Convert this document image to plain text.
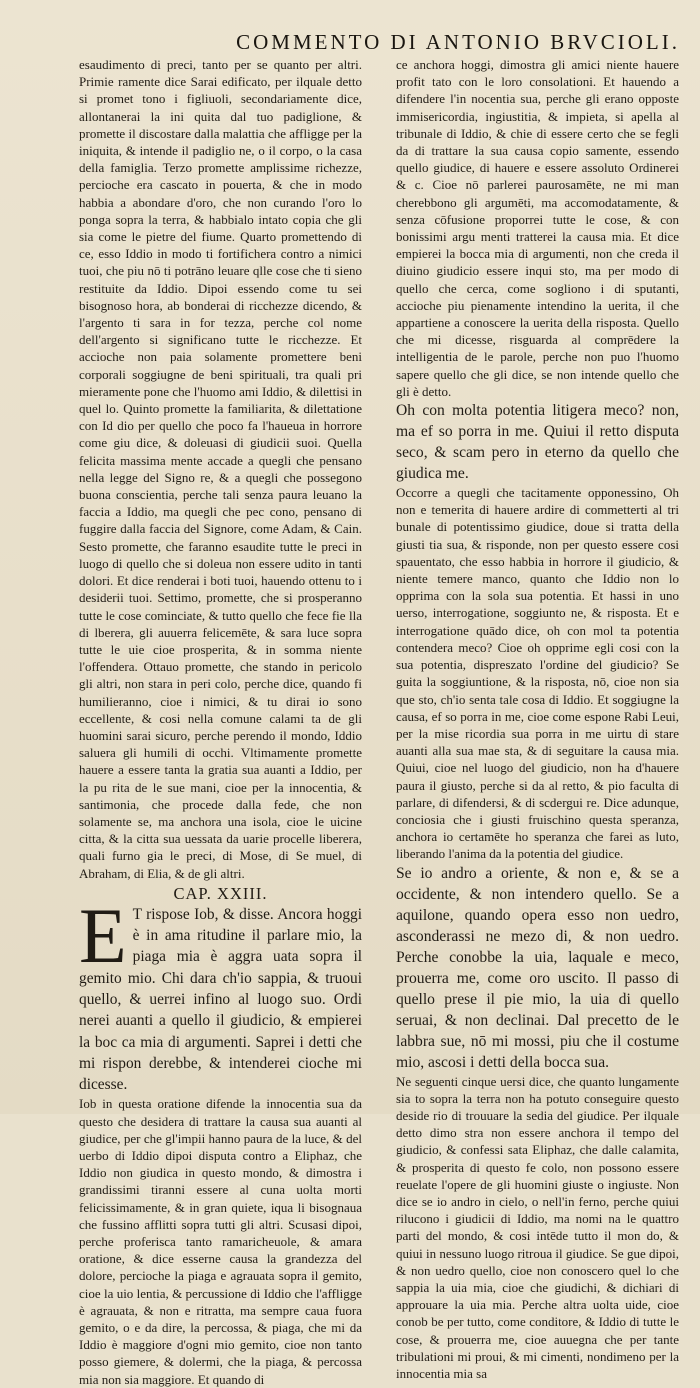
COMMENTO DI ANTONIO BRVCIOLI.

esaudimento di preci, tanto per se quanto per altri. Primie ramente dice Sarai edificato, per ilquale detto si promet tono i figliuoli, secondariamente dice, allontanerai la ini quita dal tuo padiglione, & promette il discostare dalla malattia che affligge per la iniquita, & intende il padiglio ne, o il corpo, o la casa della famiglia. Terzo promette amplissime richezze, percioche era cascato in pouerta, & che in modo habbia a abondare d'oro, che non curando l'oro lo ponga sopra la terra, & habbialo intato copia che gli sia come le pietre del fiume. Quarto promettendo di ce, esso Iddio in modo ti fortifichera contro a nimici tuoi, che piu nō ti potrāno leuare qlle cose che ti sieno restituite da Iddio. Dipoi essendo come tu sei bisognoso hora, ab bonderai di ricchezze dicendo, & l'argento ti sara in for tezza, perche col nome dell'argento si significano tutte le ricchezze. Et accioche non paia solamente promettere beni corporali soggiugne de beni spirituali, tra quali pri mieramente pone che l'huomo ami Iddio, & dilettisi in quel lo. Quinto promette la familiarita, & dilettatione con Id dio per quello che poco fa l'haueua in horrore come giu dice, & doleuasi di giudicii suoi. Quella felicita massima mente accade a quegli che pensano nella legge del Signo re, & a quegli che possegono buona conscientia, perche tali senza paura leuano la faccia a Iddio, ma quegli che pec cono, pensano di fuggire dalla faccia del Signore, come Adam, & Cain. Sesto promette, che faranno esaudite tutte le preci in luogo di quello che si doleua non essere udito in tanti dolori. Et dice renderai i boti tuoi, hauendo ottenu to i desiderii tuoi. Settimo, promette, che si prosperanno tutte le cose cominciate, & tutto quello che fece fie lla di lberera, gli auuerra felicemēte, & sara luce sopra tutte le uie cioe prosperita, & in somma niente l'offendera. Ottauo promette, che stando in pericolo gli altri, non stara in peri colo, perche dice, quando fi humilieranno, cioe i nimici, & tu dirai io sono eccellente, & cosi nella comune calami ta de gli huomini sarai sicuro, perche perendo il mondo, Iddio saluera gli humili di occhi. Vltimamente promette hauere a essere tanta la gratia sua auanti a Iddio, per la pu rita de le sue mani, cioe per la innocentia, & santimonia, che procede dalla fede, che non solamente se, ma anchora una isola, cioe le uicine citta, & la citta sua uessata da uarie procelle liberera, quali furno gia le preci, di Mose, di Se muel, di Abraham, di Elia, & de gli altri.

CAP. XXIII.

E T rispose Iob, & disse. Ancora hoggi è in ama ritudine il parlare mio, la piaga mia è aggra uata sopra il gemito mio. Chi dara ch'io sappia, & truoui quello, & uerrei infino al luogo suo. Ordi nerei auanti a quello il giudicio, & empierei la boc ca mia di argumenti. Saprei i detti che mi rispon derebbe, & intenderei cioche mi dicesse.

Iob in questa oratione difende la innocentia sua da questo che desidera di trattare la causa sua auanti al giudice, per che gl'impii hanno paura de la luce, & del uerbo di Iddio dipoi disputa contro a Eliphaz, che Iddio non giudica in questo mondo, & dimostra i grandissimi tiranni essere al cuna uolta morti felicissimamente, & in gran quiete, iqua li bisognaua che fussino afflitti sopra tutti gli altri. Scusasi dipoi, perche proferisca tanto ramaricheuole, & amara oratione, & dice esserne causa la grandezza del dolore, percioche la piaga e agrauata sopra il gemito, cioe la uio lentia, & percussione di Iddio che l'affligge è agrauata, & non e ritratta, ma sempre caua fuora gemito, o e da dire, la percossa, & piaga, che mi da Iddio è maggiore d'ogni mio gemito, cioe non tanto posso giemere, & dolermi, che la piaga, & percossa mia non sia maggiore. Et quando di

ce anchora hoggi, dimostra gli amici niente hauere profit tato con le loro consolationi. Et hauendo a difendere l'in nocentia sua, perche gli erano opposte immisericordia, ingiustitia, & impieta, si apella al tribunale di Iddio, & chie di essere certo che se fegli da di trattare la sua causa copio samente, essendo quello giudice, di hauere e essere assoluto Ordinerei & c. Cioe nō parlerei paurosamēte, ne mi man cherebbono gli argumēti, ma accomodatamente, & senza cōfusione proporrei tutte le cose, & con bonissimi argu menti tratterei la causa mia. Et dice empierei la bocca mia di argumenti, non che creda il diuino giudicio essere inqui sto, ma per modo di quello che cerca, come sogliono i di sputanti, accioche piu pienamente intendino la uerita, il che appartiene a conoscere la uerita della risposta. Quello che mi dicesse, risguarda al comprēdere la intelligentia de le parole, perche non puo l'huomo sapere quello che gli dice, se non intende quello che gli è detto.

Oh con molta potentia litigera meco? non, ma ef so porra in me. Quiui il retto disputa seco, & scam pero in eterno da quello che giudica me.

Occorre a quegli che tacitamente opponessino, Oh non e temerita di hauere ardire di commetterti al tri bunale di potentissimo giudice, doue si tratta della giusti tia sua, & risponde, non per questo essere cosi spauentato, che esso habbia in horrore il giudicio, & niente temere manco, quanto che Iddio non lo opprima con la sola sua potentia. Et hassi in uno uerso, interrogatione, soggiunto ne, & risposta. Et e interrogatione quādo dice, oh con mol ta potentia contendera meco? Cioe oh opprime egli cosi con la sua potentia, dispreszato l'ordine del giudicio? Se guita la soggiuntione, & la risposta, nō, cioe non sia que sto, ch'io senta tale cosa di Iddio. Et soggiugne la causa, ef so porra in me, cioe come espone Rabi Leui, per la mise ricordia sua porra in me uirtu di stare auanti alla sua mae sta, & di seguitare la causa mia. Quiui, cioe nel luogo del giudicio, non ha d'hauere paura il giusto, perche si da al retto, & pio faculta di parlare, di difendersi, & di scdergui re. Dice adunque, conciosia che i giusti fruischino questa speranza, anchora io certamēte ho speranza che farei as luto, liberando l'anima da la potentia del giudice.

Se io andro a oriente, & non e, & se a occidente, & non intendero quello. Se a aquilone, quando opera esso non uedro, asconderassi ne mezo di, & non uedro. Perche conobbe la uia, laquale e meco, prouerra me, come oro uscito. Il passo di quello prese il pie mio, la uia di quello seruai, & non declinai. Dal precetto de le labbra sue, nō mi mossi, piu che il costume mio, ascosi i detti della bocca sua.

Ne seguenti cinque uersi dice, che quanto lungamente sia to sopra la terra non ha potuto conseguire questo deside rio di trouuare la sedia del giudice. Per ilquale detto dimo stra non essere anchora il tempo del giudicio, & confessi sata Eliphaz, che dalle calamita, & prosperita di questo fe colo, non possono essere reuelate l'opere de gli huomini giuste o ingiuste. Non dice se io andro in cielo, o nell'in ferno, perche quiui rilucono i giudicii di Iddio, ma nomi na le quattro parti del mondo, & cosi intēde tutto il mon do, & quiui in nessuno luogo ritroua il giudice. Se gue dipoi, & non uedro quello, cioe non conoscero quel lo che sappia la uia mia, cioe che giudichi, & dichiari di approuare la uia mia. Perche altra uolta uide, cioe conob be per tutto, come conditore, & Iddio di tutte le cose, & prouerra me, cioe auuegna che per tante tribulationi mi proui, & mi cimenti, nondimeno per la innocentia mia sa
